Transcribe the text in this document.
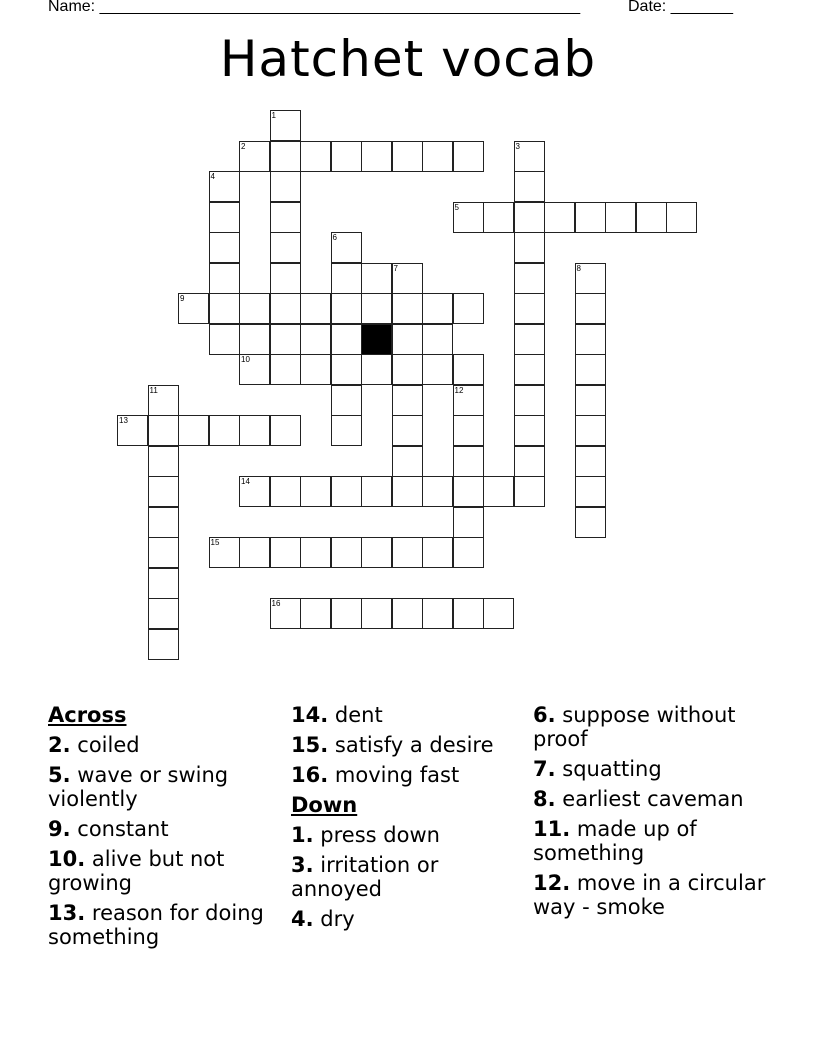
Name: ______________________________________________________	Date: _______
Hatchet vocab
1
2	3
4
5
6
8
9
10
11	12
13
14
15
16
7
Across
2. coiled
5. wave or swing violently
9. constant
10. alive but not growing
13. reason for doing something
14. dent
15. satisfy a desire
16. moving fast
Down
1. press down
3. irritation or annoyed
4. dry
6. suppose without proof
7. squatting
8. earliest caveman
11. made up of something
12. move in a circular way - smoke
